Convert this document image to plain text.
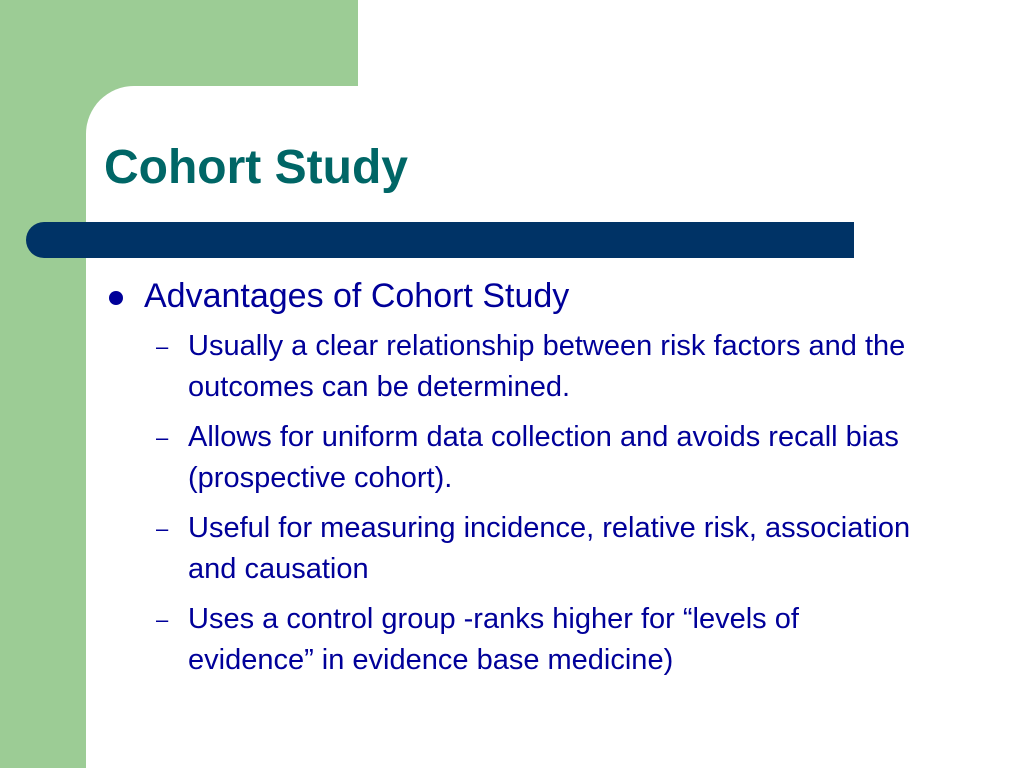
Cohort Study
Advantages of Cohort Study
– Usually a clear relationship between risk factors and the outcomes can be determined.
– Allows for uniform data collection and avoids recall bias (prospective cohort).
– Useful for measuring incidence, relative risk, association and causation
– Uses a control group -ranks higher for “levels of evidence” in evidence base medicine)
